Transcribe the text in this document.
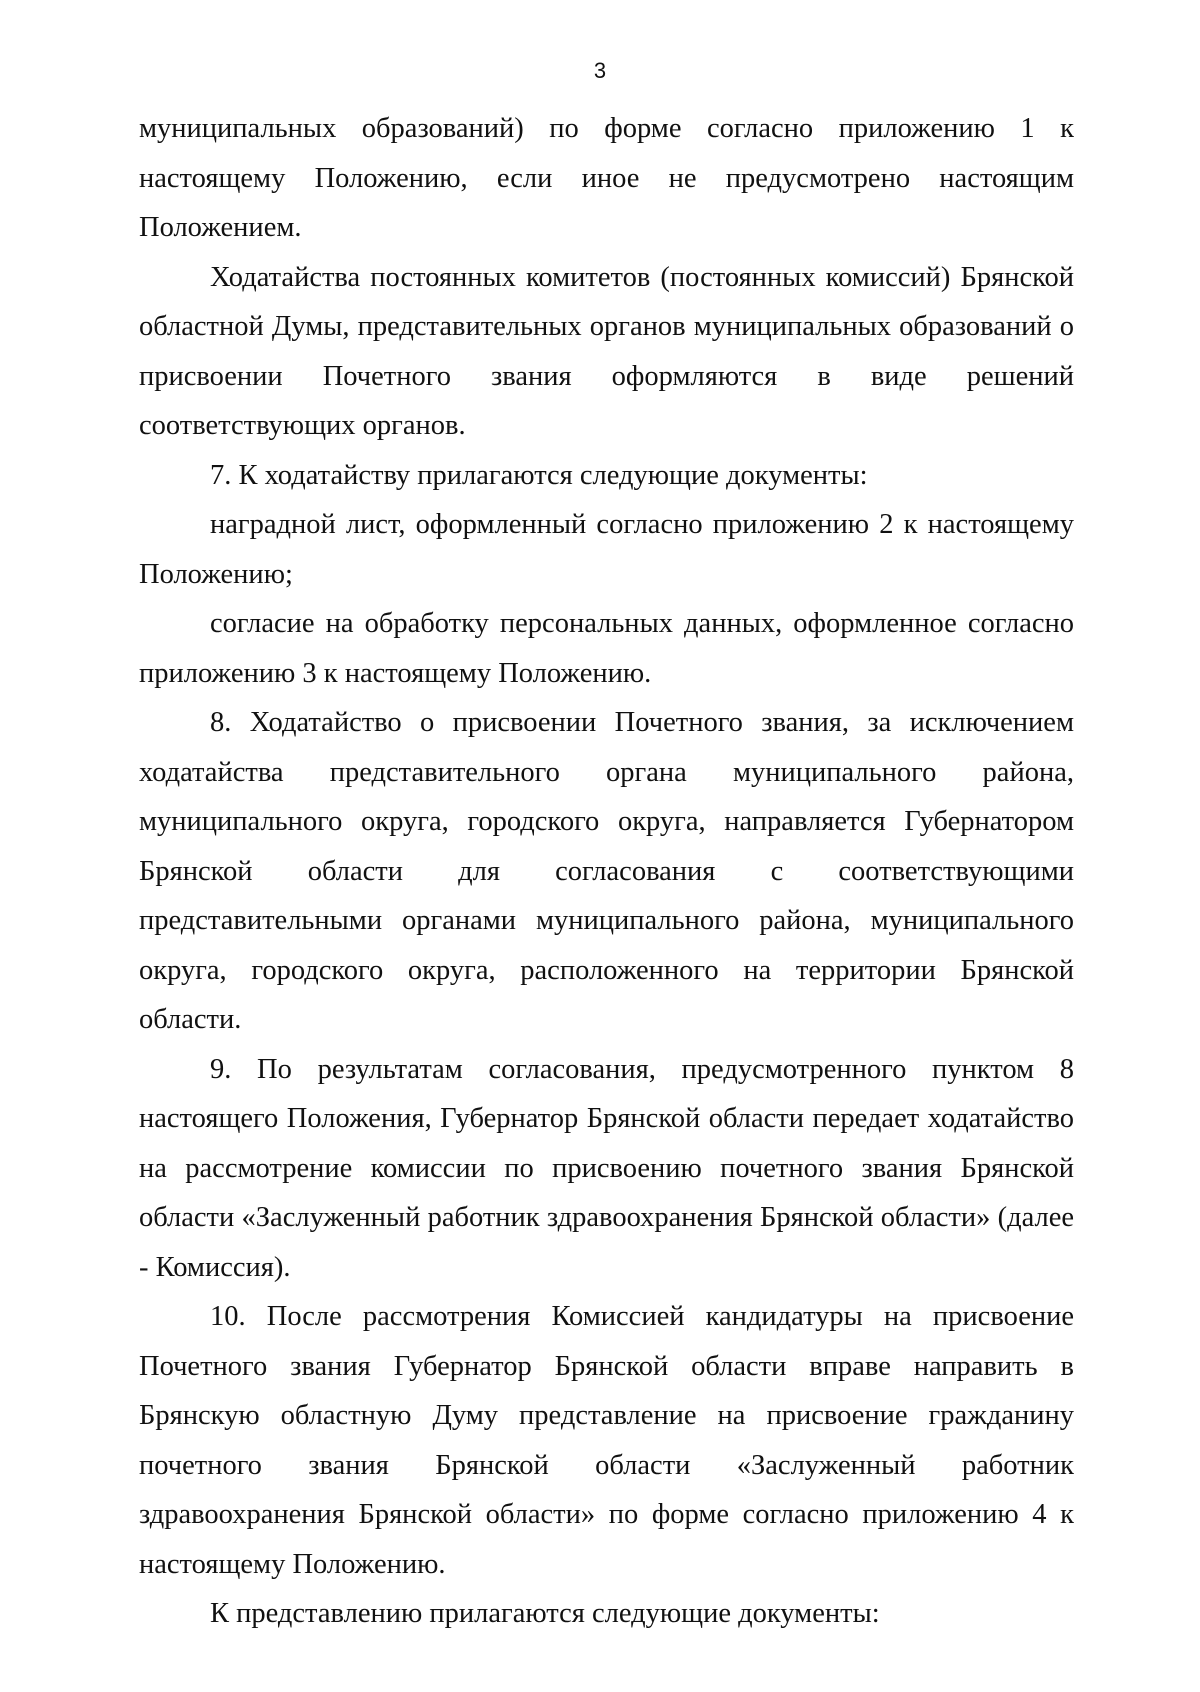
3

муниципальных образований) по форме согласно приложению 1 к настоящему Положению, если иное не предусмотрено настоящим Положением.

Ходатайства постоянных комитетов (постоянных комиссий) Брянской областной Думы, представительных органов муниципальных образований о присвоении Почетного звания оформляются в виде решений соответствующих органов.

7. К ходатайству прилагаются следующие документы:

наградной лист, оформленный согласно приложению 2 к настоящему Положению;

согласие на обработку персональных данных, оформленное согласно приложению 3 к настоящему Положению.

8. Ходатайство о присвоении Почетного звания, за исключением ходатайства представительного органа муниципального района, муниципального округа, городского округа, направляется Губернатором Брянской области для согласования с соответствующими представительными органами муниципального района, муниципального округа, городского округа, расположенного на территории Брянской области.

9. По результатам согласования, предусмотренного пунктом 8 настоящего Положения, Губернатор Брянской области передает ходатайство на рассмотрение комиссии по присвоению почетного звания Брянской области «Заслуженный работник здравоохранения Брянской области» (далее - Комиссия).

10. После рассмотрения Комиссией кандидатуры на присвоение Почетного звания Губернатор Брянской области вправе направить в Брянскую областную Думу представление на присвоение гражданину почетного звания Брянской области «Заслуженный работник здравоохранения Брянской области» по форме согласно приложению 4 к настоящему Положению.

К представлению прилагаются следующие документы:
